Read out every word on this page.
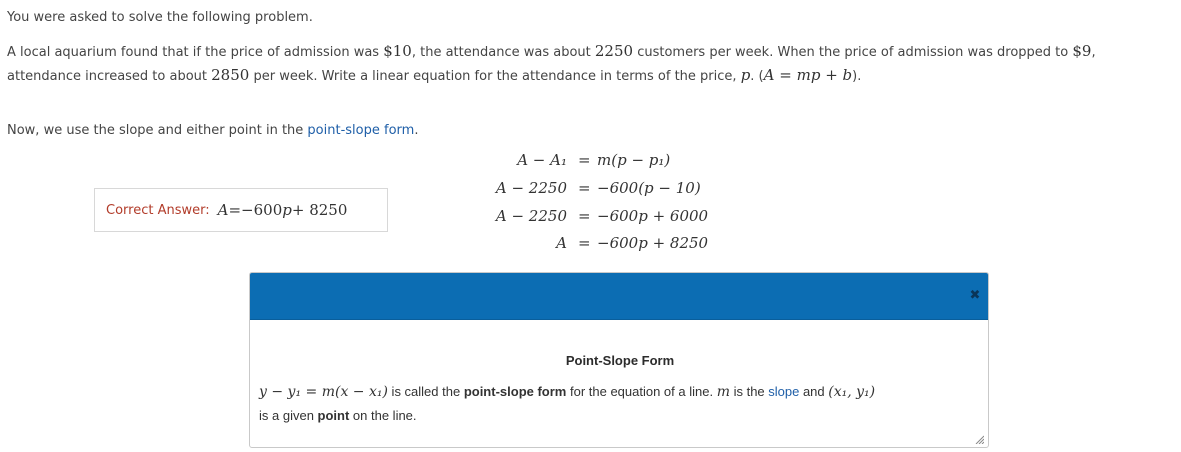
You were asked to solve the following problem.
A local aquarium found that if the price of admission was $10, the attendance was about 2250 customers per week. When the price of admission was dropped to $9,
attendance increased to about 2850 per week. Write a linear equation for the attendance in terms of the price, p. (A = mp + b).
Now, we use the slope and either point in the point-slope form.
Correct Answer: A = −600 p + 8250
A − A₁ = m(p − p₁)
A − 2250 = −600(p − 10)
A − 2250 = −600p + 6000
A = −600p + 8250
✖
Point-Slope Form
y − y₁ = m(x − x₁) is called the point-slope form for the equation of a line. m is the slope and (x₁, y₁)
is a given point on the line.
